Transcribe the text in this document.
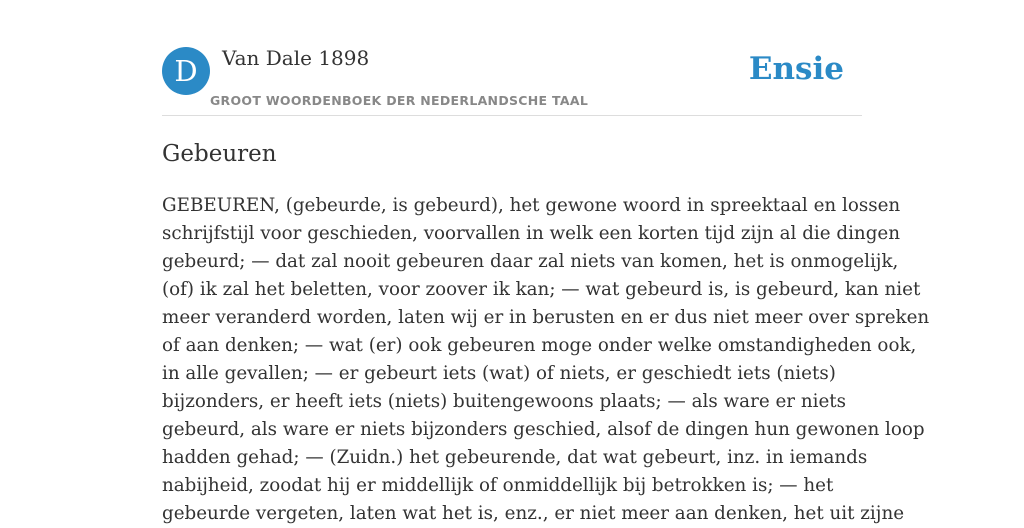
D	Van Dale 1898
GROOT WOORDENBOEK DER NEDERLANDSCHE TAAL
Ensie
Gebeuren
GEBEUREN, (gebeurde, is gebeurd), het gewone woord in spreektaal en lossen
schrijfstijl voor geschieden, voorvallen in welk een korten tijd zijn al die dingen
gebeurd; — dat zal nooit gebeuren daar zal niets van komen, het is onmogelijk,
(of) ik zal het beletten, voor zoover ik kan; — wat gebeurd is, is gebeurd, kan niet
meer veranderd worden, laten wij er in berusten en er dus niet meer over spreken
of aan denken; — wat (er) ook gebeuren moge onder welke omstandigheden ook,
in alle gevallen; — er gebeurt iets (wat) of niets, er geschiedt iets (niets)
bijzonders, er heeft iets (niets) buitengewoons plaats; — als ware er niets
gebeurd, als ware er niets bijzonders geschied, alsof de dingen hun gewonen loop
hadden gehad; — (Zuidn.) het gebeurende, dat wat gebeurt, inz. in iemands
nabijheid, zoodat hij er middellijk of onmiddellijk bij betrokken is; — het
gebeurde vergeten, laten wat het is, enz., er niet meer aan denken, het uit zijne
